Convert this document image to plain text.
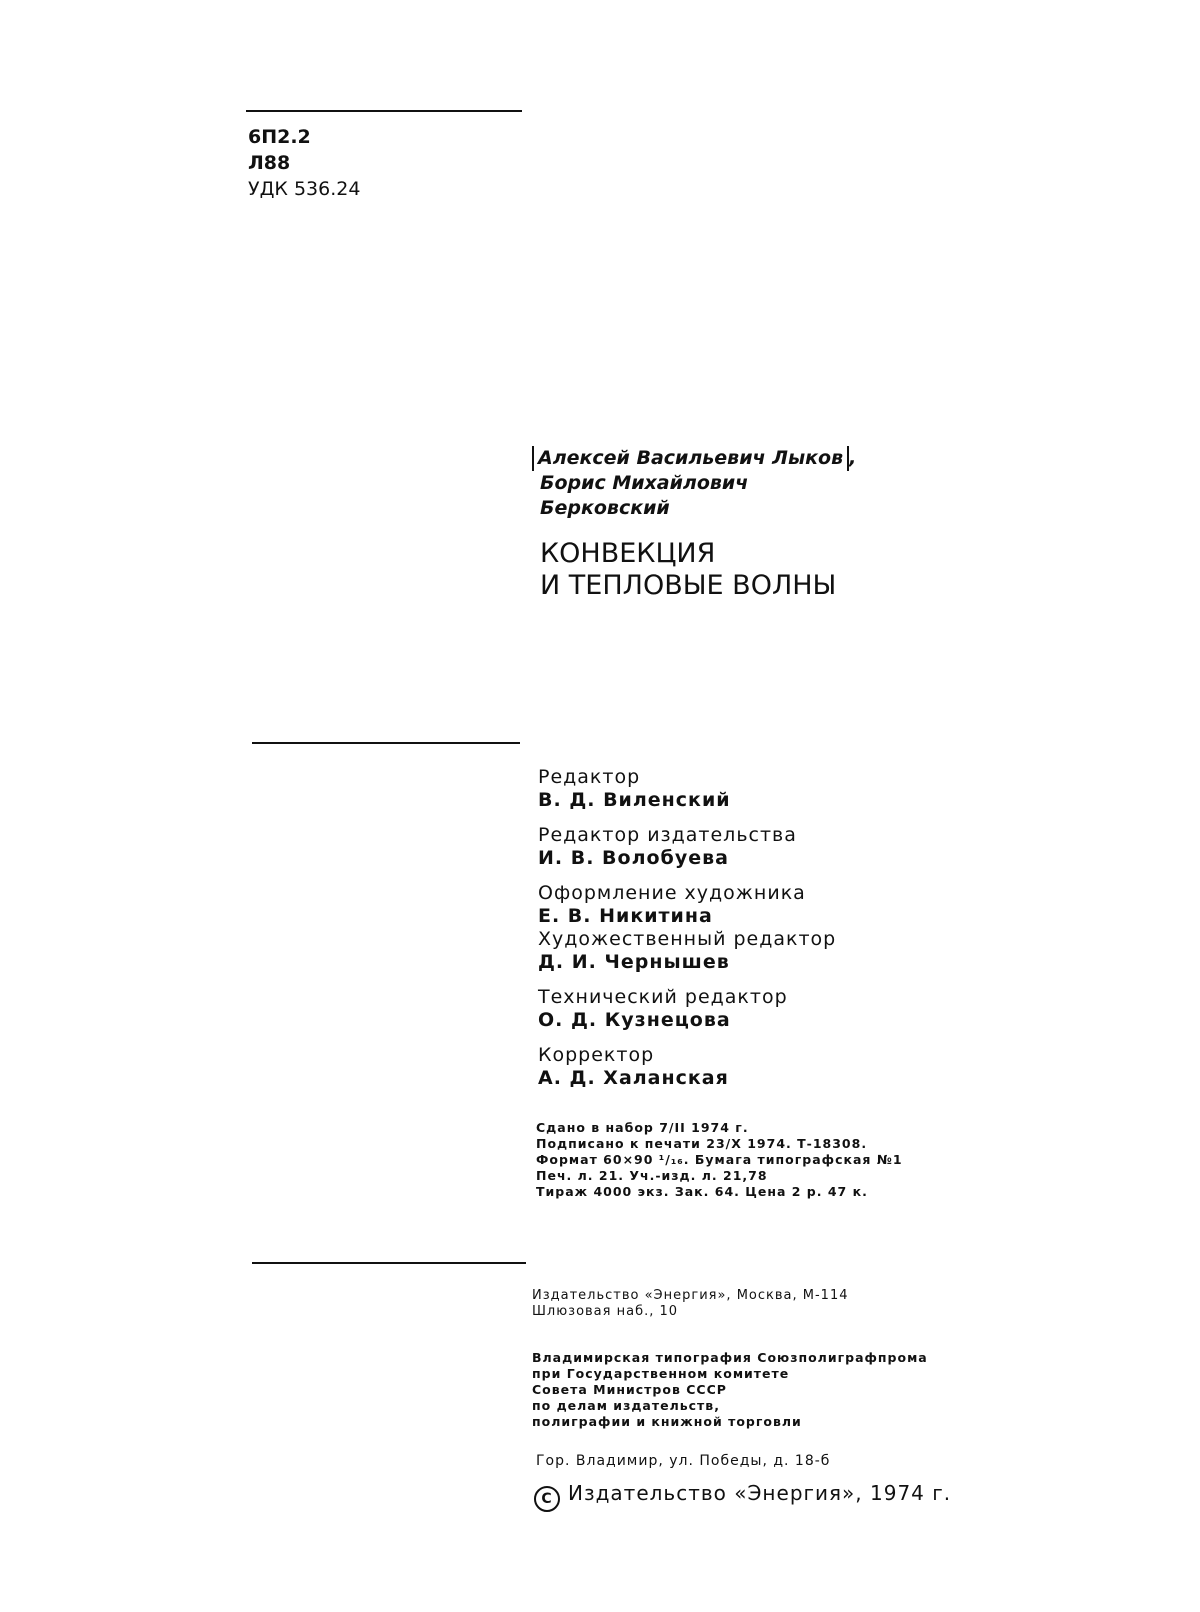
6П2.2
Л88
УДК 536.24
Алексей Васильевич Лыков ,
Борис Михайлович
Берковский
КОНВЕКЦИЯ
И ТЕПЛОВЫЕ ВОЛНЫ
Редактор
В. Д. Виленский
Редактор издательства
И. В. Волобуева
Оформление художника
Е. В. Никитина
Художественный редактор
Д. И. Чернышев
Технический редактор
О. Д. Кузнецова
Корректор
А. Д. Халанская
Сдано в набор 7/II 1974 г.
Подписано к печати 23/X 1974. Т-18308.
Формат 60×90 ¹/₁₆. Бумага типографская №1
Печ. л. 21. Уч.-изд. л. 21,78
Тираж 4000 экз. Зак. 64. Цена 2 р. 47 к.
Издательство «Энергия», Москва, М-114
Шлюзовая наб., 10
Владимирская типография Союзполиграфпрома
при Государственном комитете
Совета Министров СССР
по делам издательств,
полиграфии и книжной торговли
Гор. Владимир, ул. Победы, д. 18-б
C Издательство «Энергия», 1974 г.
